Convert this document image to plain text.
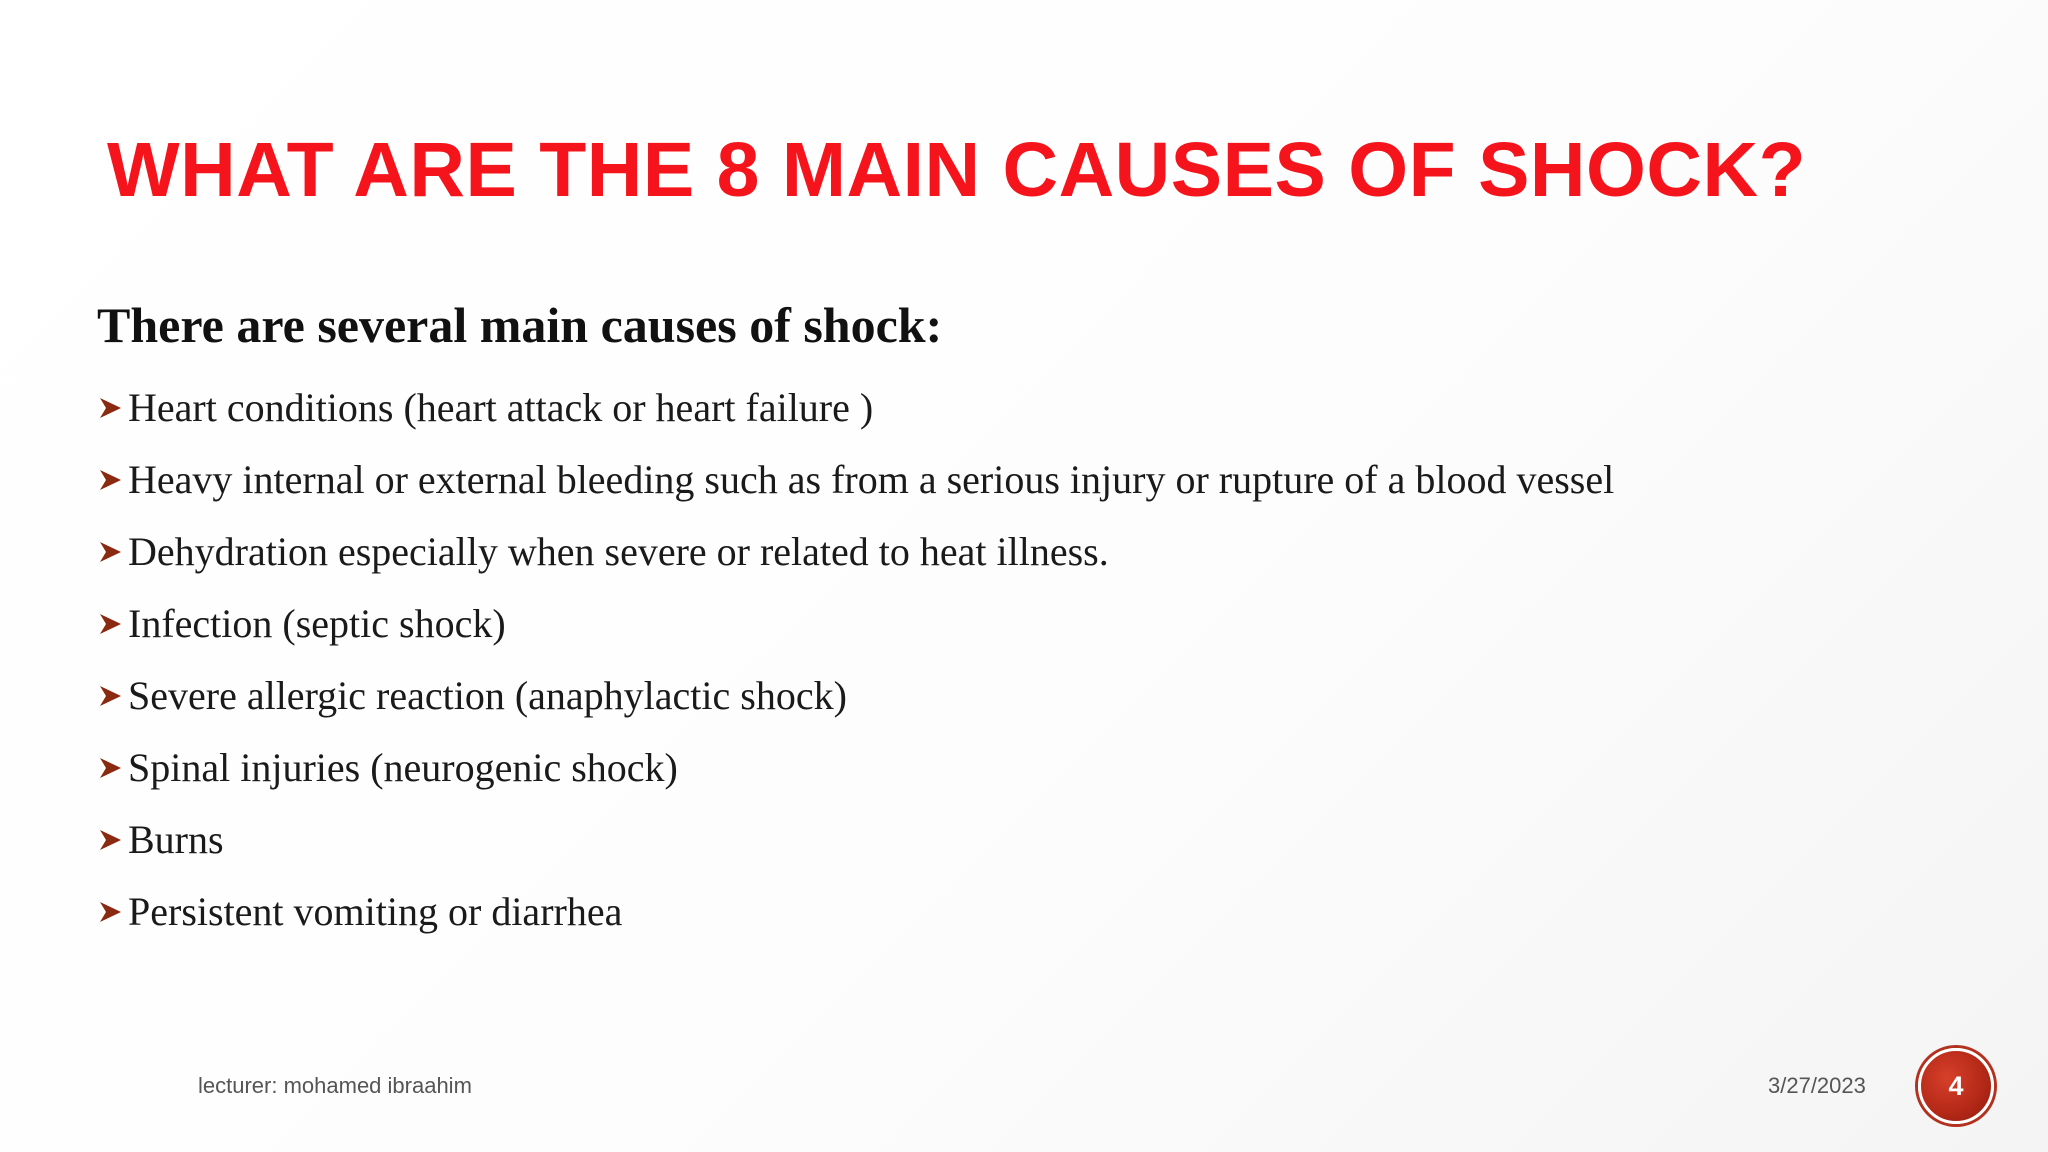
WHAT ARE THE 8 MAIN CAUSES OF SHOCK?

There are several main causes of shock:

Heart conditions (heart attack or heart failure )
Heavy internal or external bleeding such as from a serious injury or rupture of a blood vessel
Dehydration especially when severe or related to heat illness.
Infection (septic shock)
Severe allergic reaction (anaphylactic shock)
Spinal injuries (neurogenic shock)
Burns
Persistent vomiting or diarrhea
lecturer: mohamed ibraahim	3/27/2023	4
